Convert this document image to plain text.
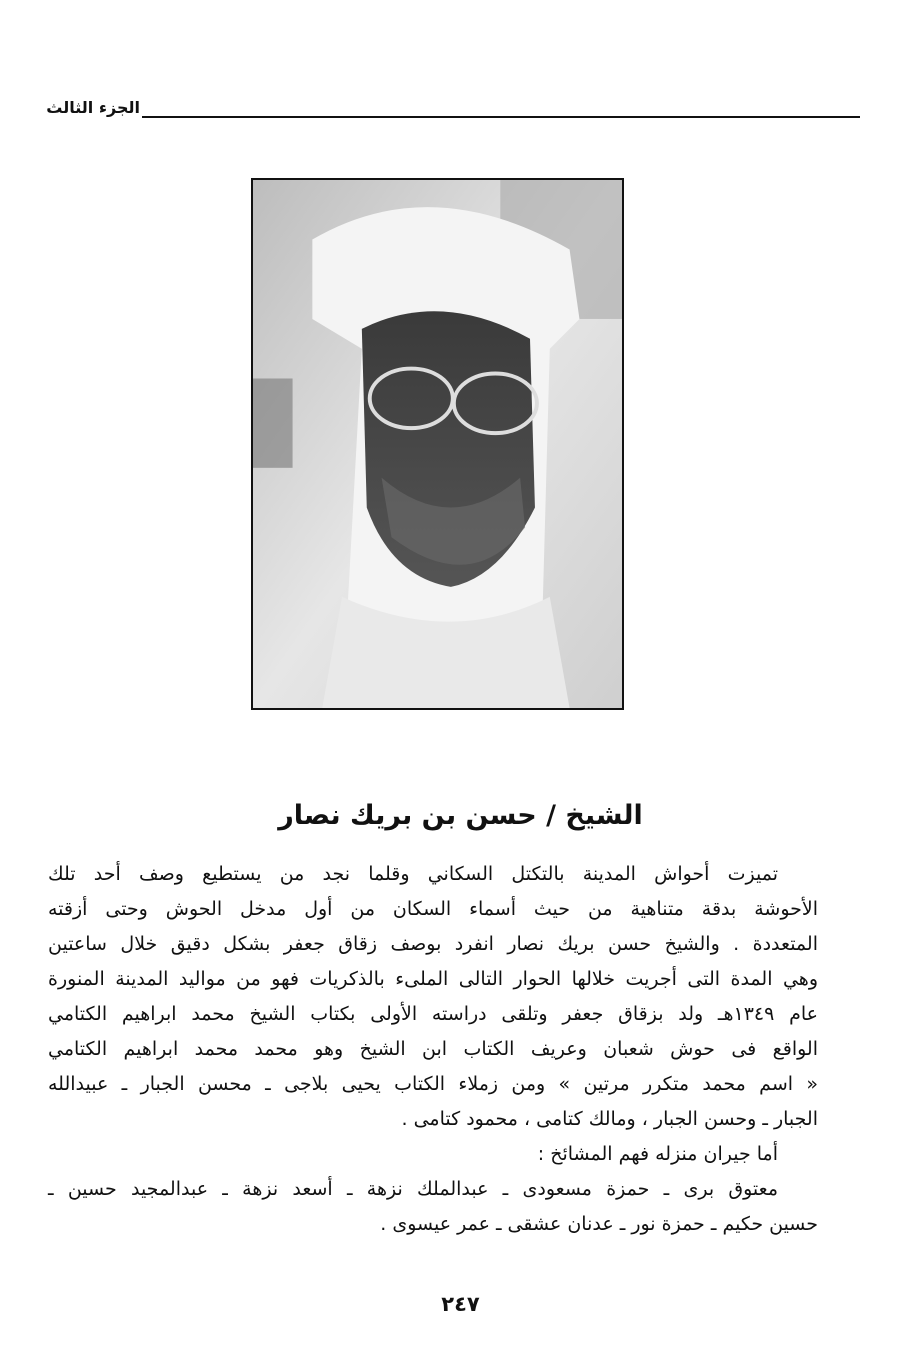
الجزء الثالث
الشيخ / حسن بن بريك نصار
تميزت أحواش المدينة بالتكتل السكاني وقلما نجد من يستطيع وصف أحد تلك
الأحوشة بدقة متناهية من حيث أسماء السكان من أول مدخل الحوش وحتى أزقته
المتعددة . والشيخ حسن بريك نصار انفرد بوصف زقاق جعفر بشكل دقيق خلال ساعتين
وهي المدة التى أجريت خلالها الحوار التالى الملىء بالذكريات فهو من مواليد المدينة المنورة
عام ١٣٤٩هـ ولد بزقاق جعفر وتلقى دراسته الأولى بكتاب الشيخ محمد ابراهيم الكتامي
الواقع فى حوش شعبان وعريف الكتاب ابن الشيخ وهو محمد محمد ابراهيم الكتامي
« اسم محمد متكرر مرتين » ومن زملاء الكتاب يحيى بلاجى ـ محسن الجبار ـ عبيدالله
الجبار ـ وحسن الجبار ، ومالك كتامى ، محمود كتامى .
أما جيران منزله فهم المشائخ :
معتوق برى ـ حمزة مسعودى ـ عبدالملك نزهة ـ أسعد نزهة ـ عبدالمجيد حسين ـ
حسين حكيم ـ حمزة نور ـ عدنان عشقى ـ عمر عيسوى .
٢٤٧
